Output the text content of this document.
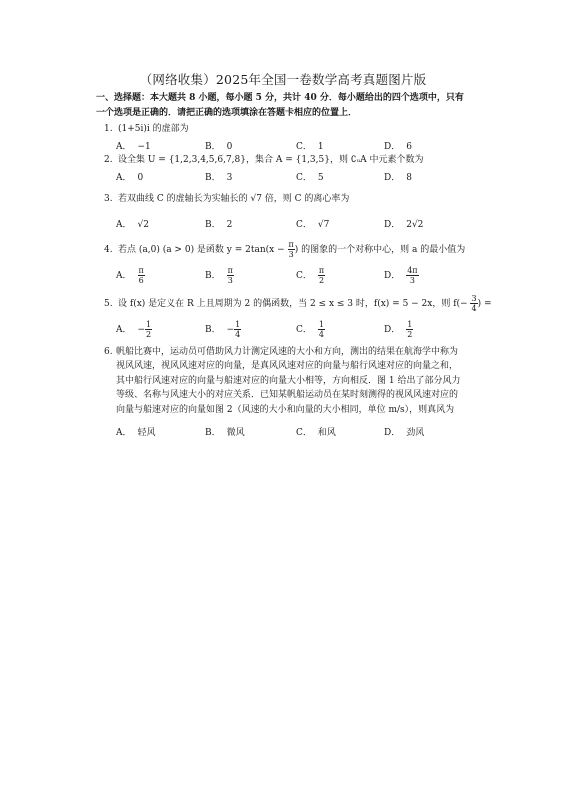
（网络收集）2025年全国一卷数学高考真题图片版
一、选择题：本大题共 8 小题，每小题 5 分，共计 40 分．每小题给出的四个选项中，只有
一个选项是正确的．请把正确的选项填涂在答题卡相应的位置上．
1. (1+5i)i 的虚部为
A． −1	B． 0	C． 1	D． 6
2. 设全集 U = {1,2,3,4,5,6,7,8}，集合 A = {1,3,5}，则 ∁ᵤA 中元素个数为
A． 0	B． 3	C． 5	D． 8
3. 若双曲线 C 的虚轴长为实轴长的 √7 倍，则 C 的离心率为
A． √2	B． 2	C． √7	D． 2√2
4. 若点 (a,0) (a > 0) 是函数 $y = 2\tan(x - \frac{\pi}{3}$ ) 的图象的一个对称中心，则 a 的最小值为
A． $\frac{\pi}{6}$	B． $\frac{\pi}{3}$	C． $\frac{\pi}{2}$	D． $\frac{4\pi}{3}$
5. 设 f(x) 是定义在 R 上且周期为 2 的偶函数，当 2 ≤ x ≤ 3 时，f(x) = 5 − 2x，则 $f(- \frac{3}{4}$ ) =
A． − $\frac{1}{2}$	B． − $\frac{1}{4}$	C． $\frac{1}{4}$	D． $\frac{1}{2}$
6. 帆船比赛中，运动员可借助风力计测定风速的大小和方向，测出的结果在航海学中称为
视风风速，视风风速对应的向量，是真风风速对应的向量与船行风速对应的向量之和，
其中船行风速对应的向量与船速对应的向量大小相等，方向相反．图 1 给出了部分风力
等级、名称与风速大小的对应关系．已知某帆船运动员在某时刻测得的视风风速对应的
向量与船速对应的向量如图 2（风速的大小和向量的大小相同，单位 m/s），则真风为
A． 轻风	B． 微风	C． 和风	D． 劲风
